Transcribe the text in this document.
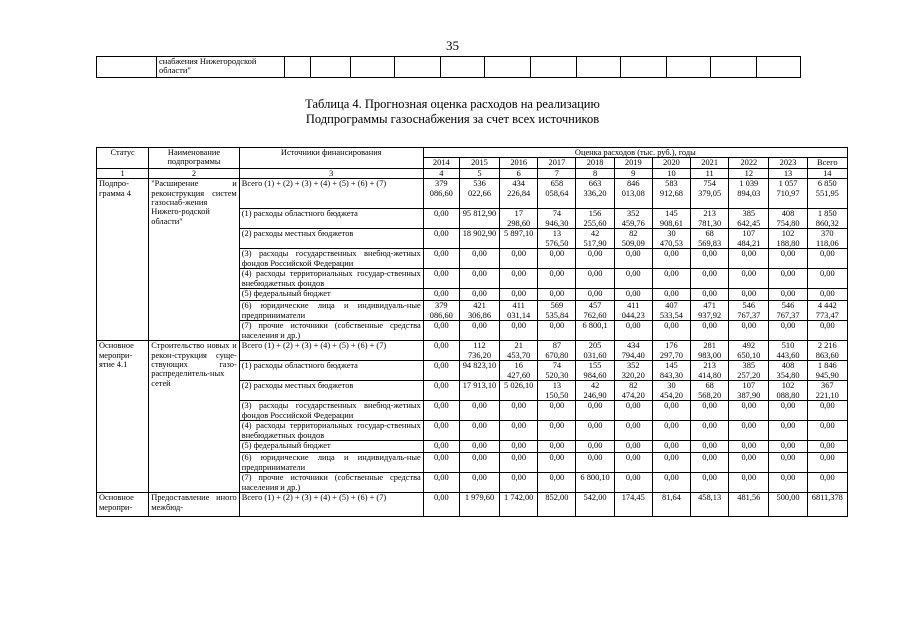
35
	снабжения Нижегородской области"												
Таблица 4. Прогнозная оценка расходов на реализацию
Подпрограммы газоснабжения за счет всех источников
Статус	Наименование подпрограммы	Источники финансирования	Оценка расходов (тыс. руб.), годы										
			2014	2015	2016	2017	2018	2019	2020	2021	2022	2023	Всего
1	2	3	4	5	6	7	8	9	10	11	12	13	14
Подпро-грамма 4	"Расширение и реконструкция систем газоснаб-жения Нижего-родской области"	Всего (1) + (2) + (3) + (4) + (5) + (6) + (7)	379 086,60	536 022,66	434 226,84	658 058,64	663 336,20	846 013,08	583 912,68	754 379,05	1 039 894,03	1 057 710,97	6 850 551,95
		(1) расходы областного бюджета	0,00	95 812,90	17 298,60	74 946,30	156 255,60	352 459,76	145 908,61	213 781,30	385 642,45	408 754,80	1 850 860,32
		(2) расходы местных бюджетов	0,00	18 902,90	5 897,10	13 576,50	42 517,90	82 509,09	30 470,53	68 569,83	107 484,21	102 188,80	370 118,06
		(3) расходы государственных внебюд-жетных фондов Российской Федерации	0,00	0,00	0,00	0,00	0,00	0,00	0,00	0,00	0,00	0,00	0,00
		(4) расходы территориальных государ-ственных внебюджетных фондов	0,00	0,00	0,00	0,00	0,00	0,00	0,00	0,00	0,00	0,00	0,00
		(5) федеральный бюджет	0,00	0,00	0,00	0,00	0,00	0,00	0,00	0,00	0,00	0,00	0,00
		(6) юридические лица и индивидуаль-ные предприниматели	379 086,60	421 306,86	411 031,14	569 535,84	457 762,60	411 044,23	407 533,54	471 937,92	546 767,37	546 767,37	4 442 773,47
		(7) прочие источники (собственные средства населения и др.)	0,00	0,00	0,00	0,00	6 800,1	0,00	0,00	0,00	0,00	0,00	0,00
Основное меропри-ятие 4.1	Строительство новых и рекон-струкция суще-ствующих газо-распределитель-ных сетей	Всего (1) + (2) + (3) + (4) + (5) + (6) + (7)	0,00	112 736,20	21 453,70	87 670,80	205 031,60	434 794,40	176 297,70	281 983,00	492 650,10	510 443,60	2 216 863,60
		(1) расходы областного бюджета	0,00	94 823,10	16 427,60	74 520,30	155 984,60	352 320,20	145 843,30	213 414,80	385 257,20	408 354,80	1 846 945,90
		(2) расходы местных бюджетов	0,00	17 913,10	5 026,10	13 150,50	42 246,90	82 474,20	30 454,20	68 568,20	107 387,90	102 088,80	367 221,10
		(3) расходы государственных внебюд-жетных фондов Российской Федерации	0,00	0,00	0,00	0,00	0,00	0,00	0,00	0,00	0,00	0,00	0,00
		(4) расходы территориальных государ-ственных внебюджетных фондов	0,00	0,00	0,00	0,00	0,00	0,00	0,00	0,00	0,00	0,00	0,00
		(5) федеральный бюджет	0,00	0,00	0,00	0,00	0,00	0,00	0,00	0,00	0,00	0,00	0,00
		(6) юридические лица и индивидуаль-ные предприниматели	0,00	0,00	0,00	0,00	0,00	0,00	0,00	0,00	0,00	0,00	0,00
		(7) прочие источники (собственные средства населения и др.)	0,00	0,00	0,00	0,00	6 800,10	0,00	0,00	0,00	0,00	0,00	0,00
Основное меропри-	Предоставление иного межбюд-	Всего (1) + (2) + (3) + (4) + (5) + (6) + (7)	0,00	1 979,60	1 742,00	852,00	542,00	174,45	81,64	458,13	481,56	500,00	6811,378
